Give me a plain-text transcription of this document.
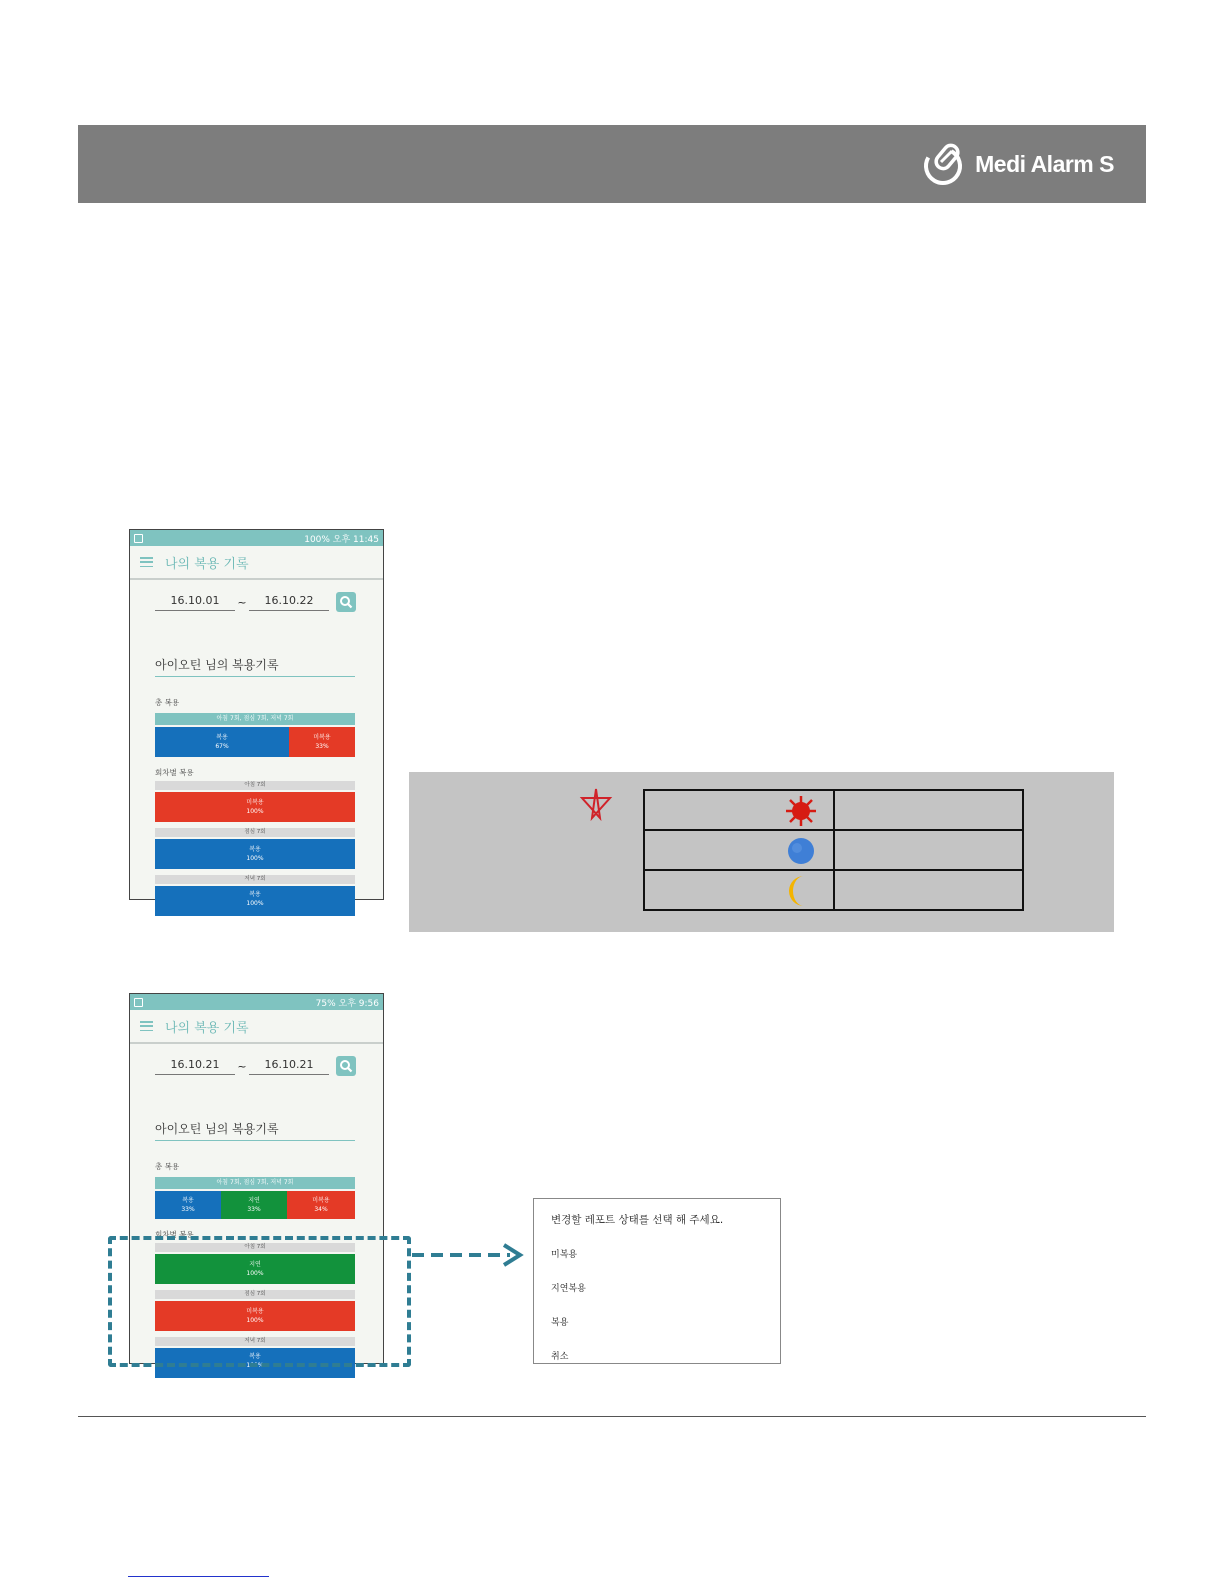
Medi Alarm S
100% 오후 11:45
나의 복용 기록
16.10.01	~	16.10.22
아이오틴 님의 복용기록
총 복용
아침 7회, 점심 7회, 저녁 7회
복용
67%
미복용
33%
회차별 복용
아침 7회
미복용
100%
점심 7회
복용
100%
저녁 7회
복용
100%

75% 오후 9:56
나의 복용 기록
16.10.21	~	16.10.21
아이오틴 님의 복용기록
총 복용
아침 7회, 점심 7회, 저녁 7회
복용
33%
지연
33%
미복용
34%
회차별 복용
아침 7회
지연
100%
점심 7회
미복용
100%
저녁 7회
복용
100%
변경할 레포트 상태를 선택 해 주세요.
미복용
지연복용
복용
취소
